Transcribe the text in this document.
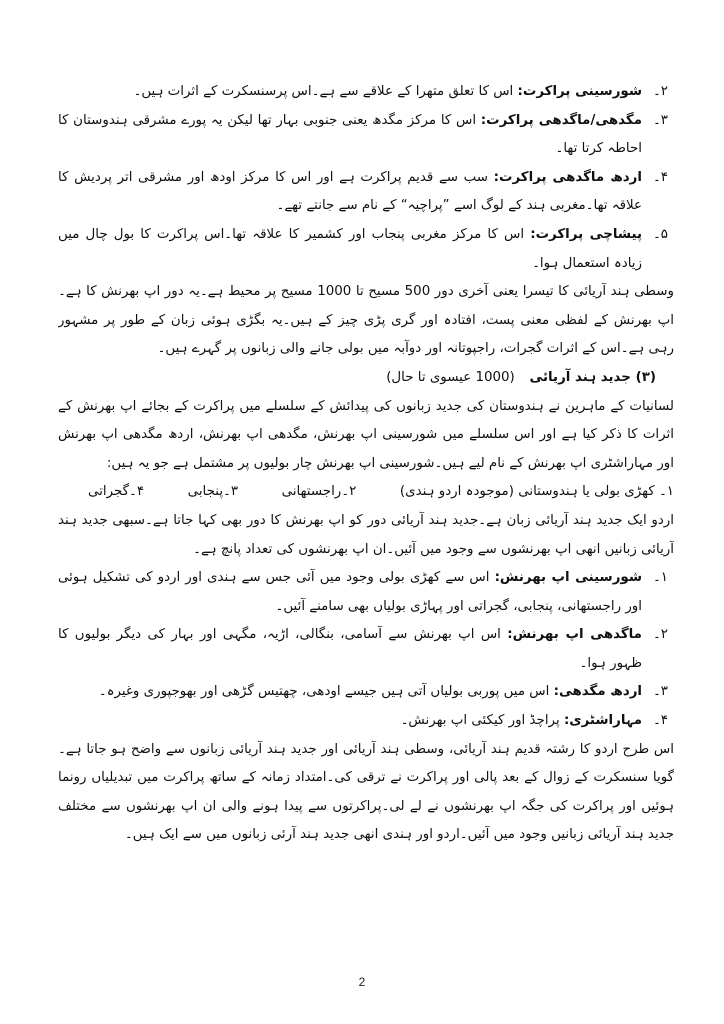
۲۔
شورسینی پراکرت: اس کا تعلق متھرا کے علاقے سے ہے۔اس پرسنسکرت کے اثرات ہیں۔
۳۔
مگدھی/ماگدھی پراکرت: اس کا مرکز مگدھ یعنی جنوبی بہار تھا لیکن یہ پورے مشرقی ہندوستان کا احاطہ کرتا تھا۔
۴۔
اردھ ماگدھی پراکرت: سب سے قدیم پراکرت ہے اور اس کا مرکز اودھ اور مشرقی اتر پردیش کا علاقہ تھا۔مغربی ہند کے لوگ اسے ”پراچیہ“ کے نام سے جانتے تھے۔
۵۔
پیشاچی پراکرت: اس کا مرکز مغربی پنجاب اور کشمیر کا علاقہ تھا۔اس پراکرت کا بول چال میں زیادہ استعمال ہوا۔

وسطی ہند آریائی کا تیسرا یعنی آخری دور 500 مسیح تا 1000 مسیح پر محیط ہے۔یہ دور اپ بھرنش کا ہے۔اپ بھرنش کے لفظی معنی پست، افتادہ اور گری پڑی چیز کے ہیں۔یہ بگڑی ہوئی زبان کے طور پر مشہور رہی ہے۔اس کے اثرات گجرات، راجپوتانہ اور دوآبہ میں بولی جانے والی زبانوں پر گہرے ہیں۔

(۳) جدید ہند آریائی (1000 عیسوی تا حال)

لسانیات کے ماہرین نے ہندوستان کی جدید زبانوں کی پیدائش کے سلسلے میں پراکرت کے بجائے اپ بھرنش کے اثرات کا ذکر کیا ہے اور اس سلسلے میں شورسینی اپ بھرنش، مگدھی اپ بھرنش، اردھ مگدھی اپ بھرنش اور مہاراشٹری اپ بھرنش کے نام لیے ہیں۔شورسینی اپ بھرنش چار بولیوں پر مشتمل ہے جو یہ ہیں:

۱۔ کھڑی بولی یا ہندوستانی (موجودہ اردو ہندی)
۲۔راجستھانی
۳۔پنجابی
۴۔گجراتی

اردو ایک جدید ہند آریائی زبان ہے۔جدید ہند آریائی دور کو اپ بھرنش کا دور بھی کہا جاتا ہے۔سبھی جدید ہند آریائی زبانیں انھی اپ بھرنشوں سے وجود میں آئیں۔ان اپ بھرنشوں کی تعداد پانچ ہے۔

۱۔
شورسینی اپ بھرنش: اس سے کھڑی بولی وجود میں آئی جس سے ہندی اور اردو کی تشکیل ہوئی اور راجستھانی، پنجابی، گجراتی اور پہاڑی بولیاں بھی سامنے آئیں۔
۲۔
ماگدھی اپ بھرنش: اس اپ بھرنش سے آسامی، بنگالی، اڑیہ، مگہی اور بہار کی دیگر بولیوں کا ظہور ہوا۔
۳۔
اردھ مگدھی: اس میں پوربی بولیاں آتی ہیں جیسے اودھی، چھتیس گڑھی اور بھوجپوری وغیرہ۔
۴۔
مہاراشٹری: پراچڈ اور کیکئی اپ بھرنش۔

اس طرح اردو کا رشتہ قدیم ہند آریائی، وسطی ہند آریائی اور جدید ہند آریائی زبانوں سے واضح ہو جاتا ہے۔گویا سنسکرت کے زوال کے بعد پالی اور پراکرت نے ترقی کی۔امتداد زمانہ کے ساتھ پراکرت میں تبدیلیاں رونما ہوئیں اور پراکرت کی جگہ اپ بھرنشوں نے لے لی۔پراکرتوں سے پیدا ہونے والی ان اپ بھرنشوں سے مختلف جدید ہند آریائی زبانیں وجود میں آئیں۔اردو اور ہندی انھی جدید ہند آرئی زبانوں میں سے ایک ہیں۔

2
